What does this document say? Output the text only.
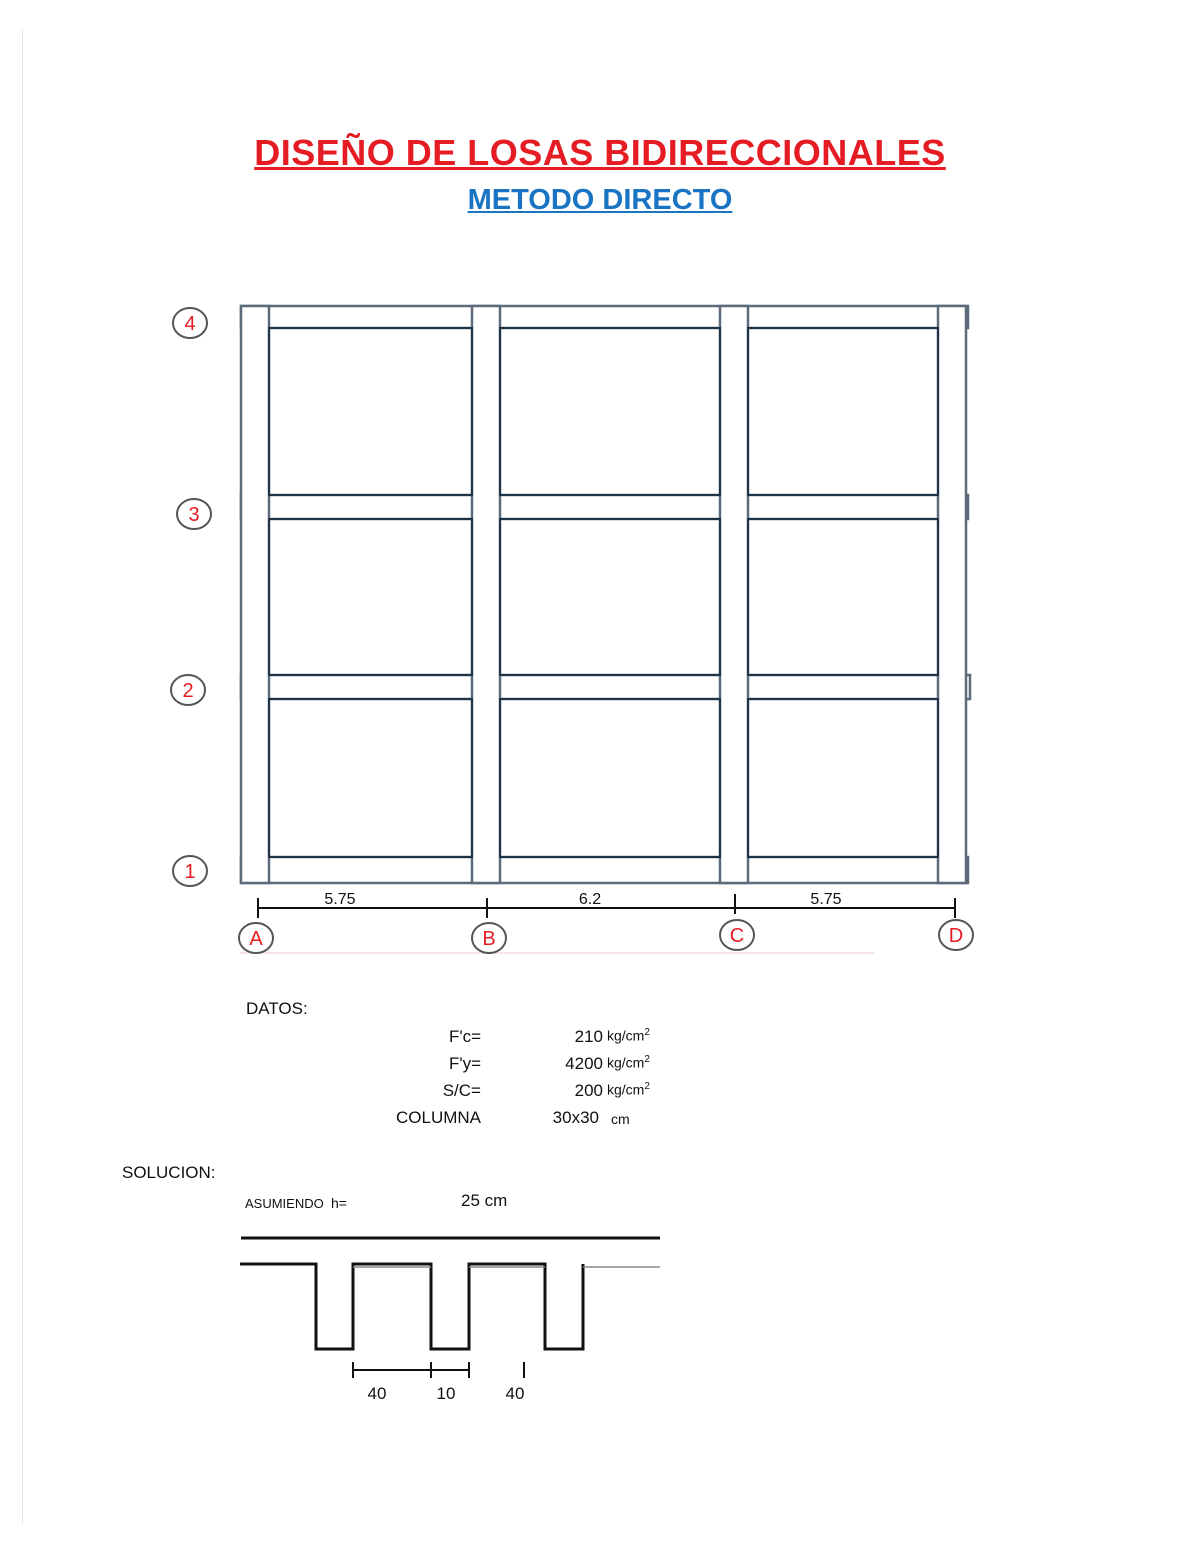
DISEÑO DE LOSAS BIDIRECCIONALES
METODO DIRECTO
5.75	6.2	5.75
4
3
2
1
A	B	C	D
40	10	40
DATOS:
F'c=	210 $kg/cm^2$
F'y=	4200 $kg/cm^2$
S/C=	200 $kg/cm^2$
COLUMNA	30x30 cm
SOLUCION:
ASUMIENDO h=	25 cm
